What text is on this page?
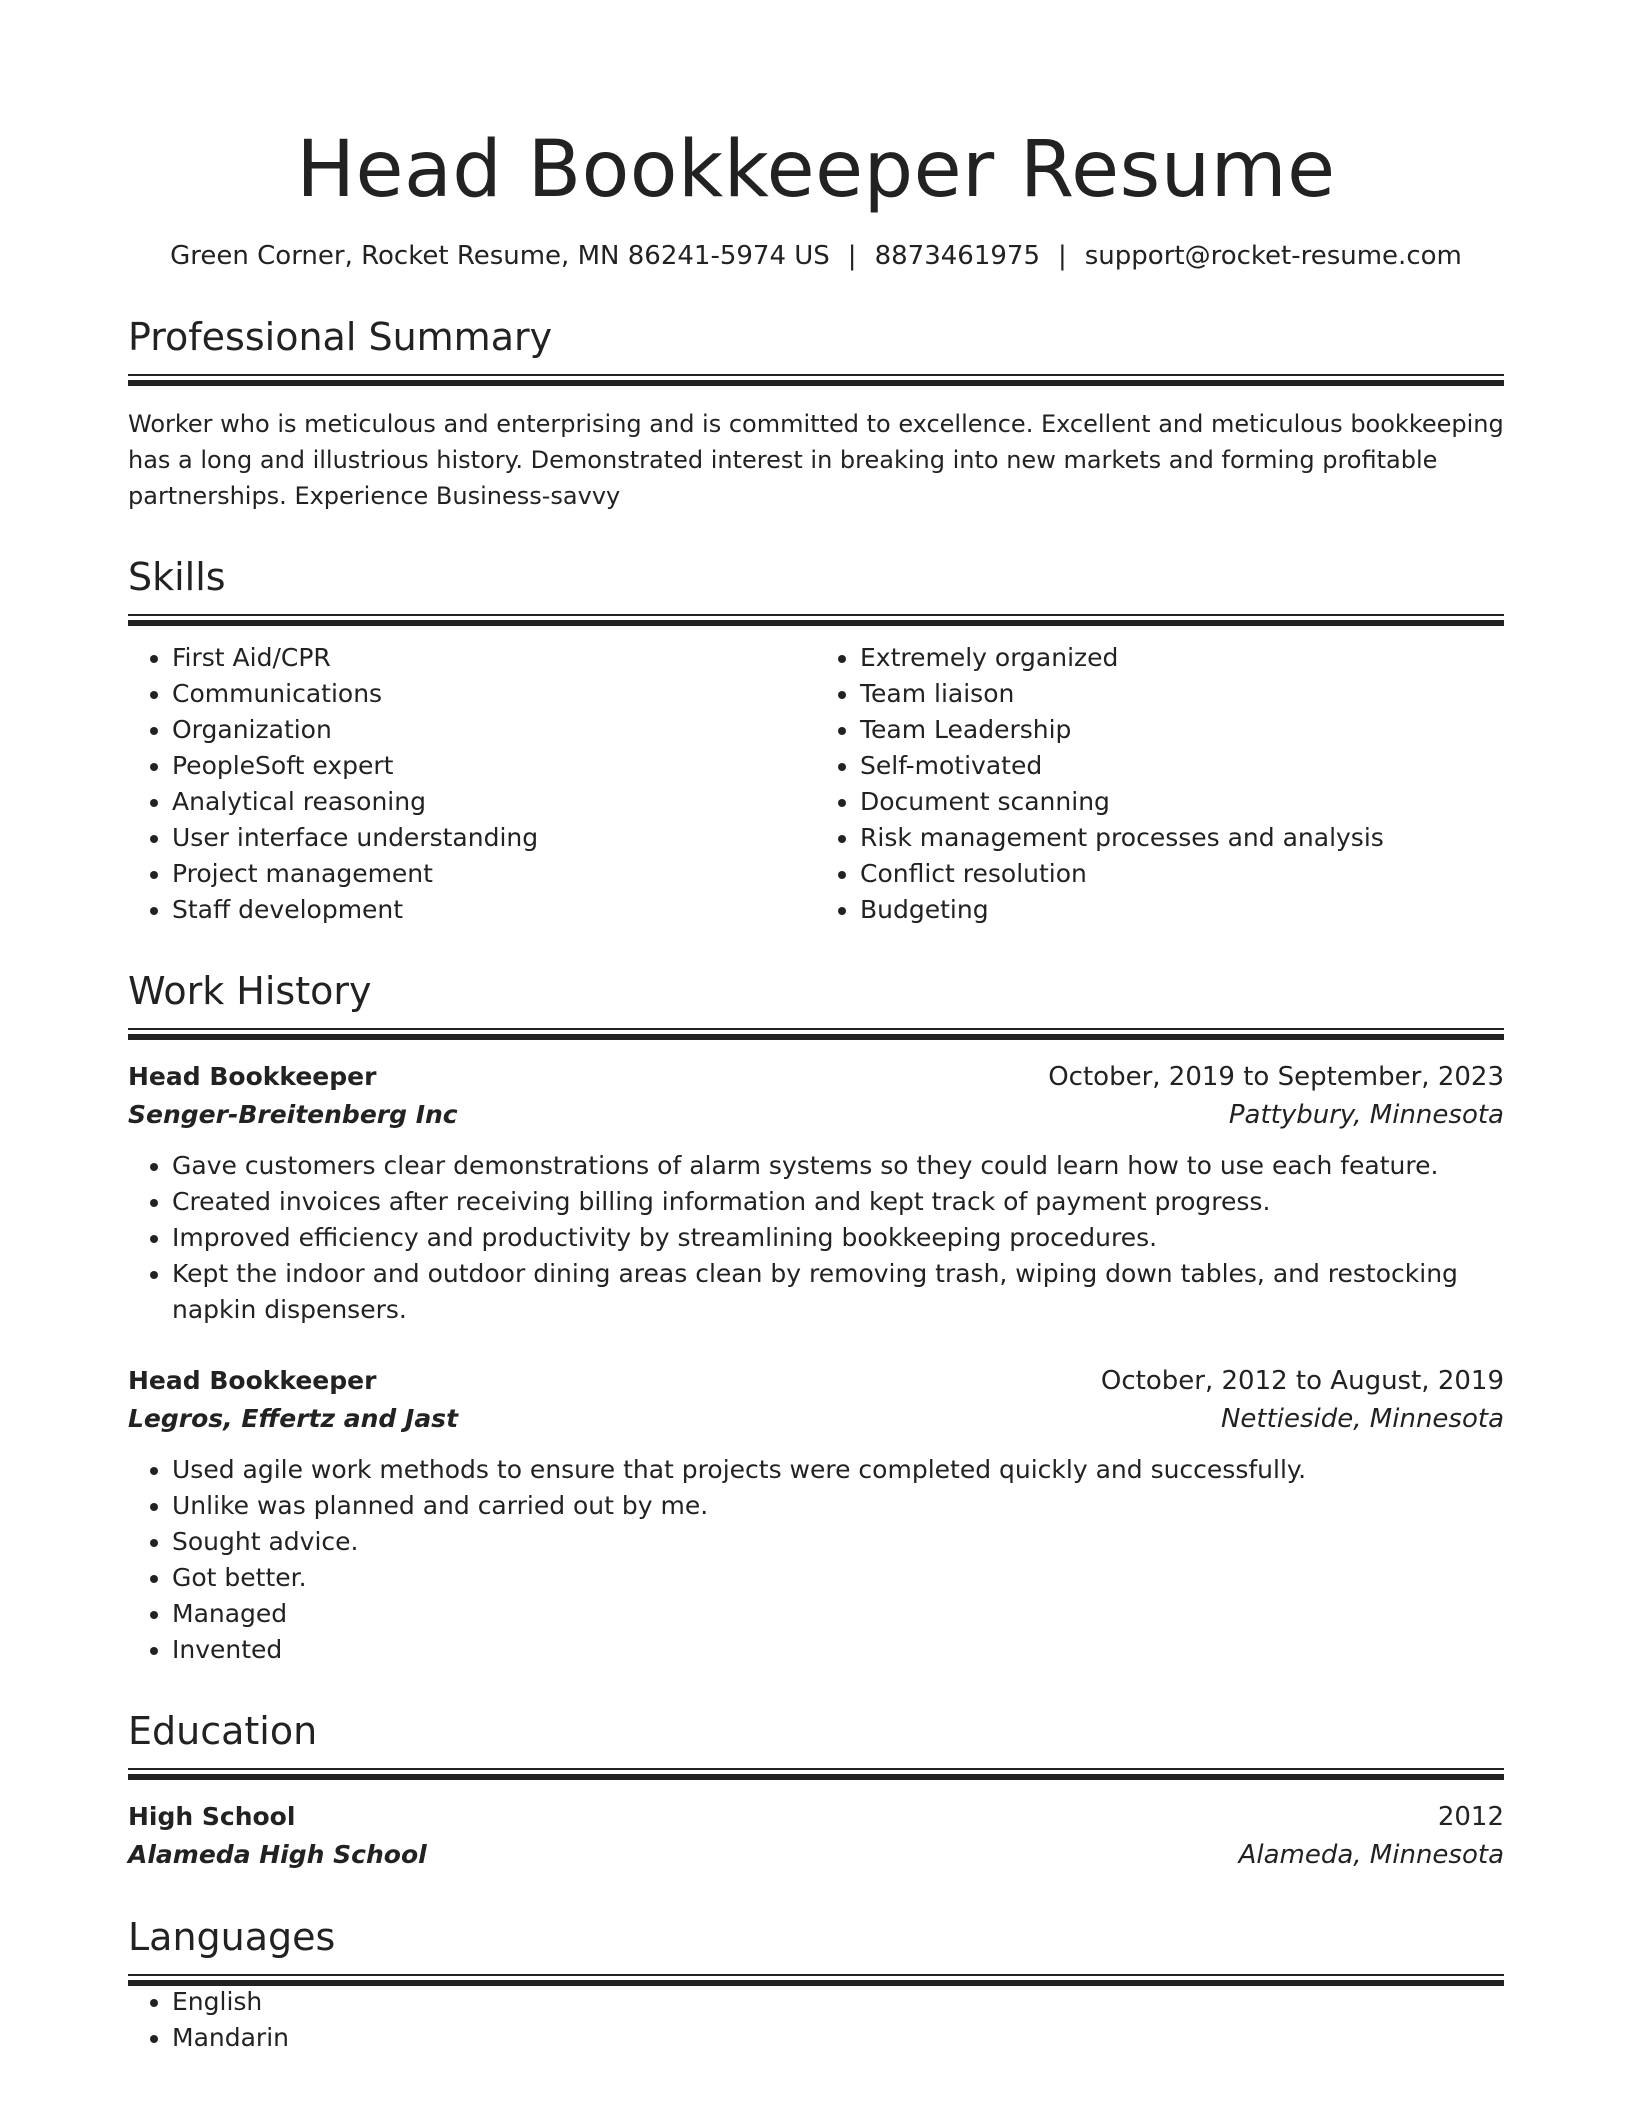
Head Bookkeeper Resume
Green Corner, Rocket Resume, MN 86241-5974 US | 8873461975 | support@rocket-resume.com
Professional Summary
Worker who is meticulous and enterprising and is committed to excellence. Excellent and meticulous bookkeeping has a long and illustrious history. Demonstrated interest in breaking into new markets and forming profitable partnerships. Experience Business-savvy
Skills
• First Aid/CPR
• Communications
• Organization
• PeopleSoft expert
• Analytical reasoning
• User interface understanding
• Project management
• Staff development
• Extremely organized
• Team liaison
• Team Leadership
• Self-motivated
• Document scanning
• Risk management processes and analysis
• Conflict resolution
• Budgeting
Work History
Head Bookkeeper	October, 2019 to September, 2023
Senger-Breitenberg Inc	Pattybury, Minnesota
• Gave customers clear demonstrations of alarm systems so they could learn how to use each feature.
• Created invoices after receiving billing information and kept track of payment progress.
• Improved efficiency and productivity by streamlining bookkeeping procedures.
• Kept the indoor and outdoor dining areas clean by removing trash, wiping down tables, and restocking napkin dispensers.
Head Bookkeeper	October, 2012 to August, 2019
Legros, Effertz and Jast	Nettieside, Minnesota
• Used agile work methods to ensure that projects were completed quickly and successfully.
• Unlike was planned and carried out by me.
• Sought advice.
• Got better.
• Managed
• Invented
Education
High School	2012
Alameda High School	Alameda, Minnesota
Languages
• English
• Mandarin
